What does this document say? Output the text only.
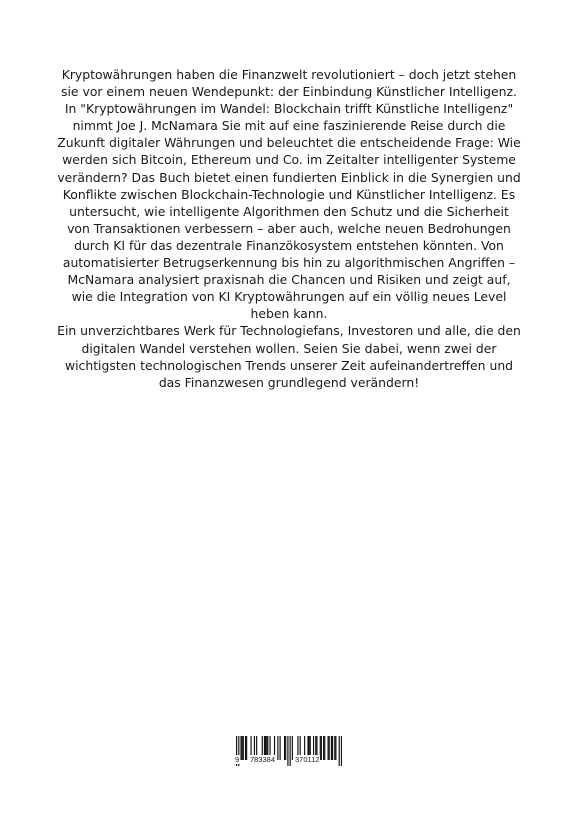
Kryptowährungen haben die Finanzwelt revolutioniert – doch jetzt stehen sie vor einem neuen Wendepunkt: der Einbindung Künstlicher Intelligenz. In "Kryptowährungen im Wandel: Blockchain trifft Künstliche Intelligenz" nimmt Joe J. McNamara Sie mit auf eine faszinierende Reise durch die Zukunft digitaler Währungen und beleuchtet die entscheidende Frage: Wie werden sich Bitcoin, Ethereum und Co. im Zeitalter intelligenter Systeme verändern? Das Buch bietet einen fundierten Einblick in die Synergien und Konflikte zwischen Blockchain-Technologie und Künstlicher Intelligenz. Es untersucht, wie intelligente Algorithmen den Schutz und die Sicherheit von Transaktionen verbessern – aber auch, welche neuen Bedrohungen durch KI für das dezentrale Finanzökosystem entstehen könnten. Von automatisierter Betrugserkennung bis hin zu algorithmischen Angriffen – McNamara analysiert praxisnah die Chancen und Risiken und zeigt auf, wie die Integration von KI Kryptowährungen auf ein völlig neues Level heben kann.

Ein unverzichtbares Werk für Technologiefans, Investoren und alle, die den digitalen Wandel verstehen wollen. Seien Sie dabei, wenn zwei der wichtigsten technologischen Trends unserer Zeit aufeinandertreffen und das Finanzwesen grundlegend verändern!

9 783384	370112
